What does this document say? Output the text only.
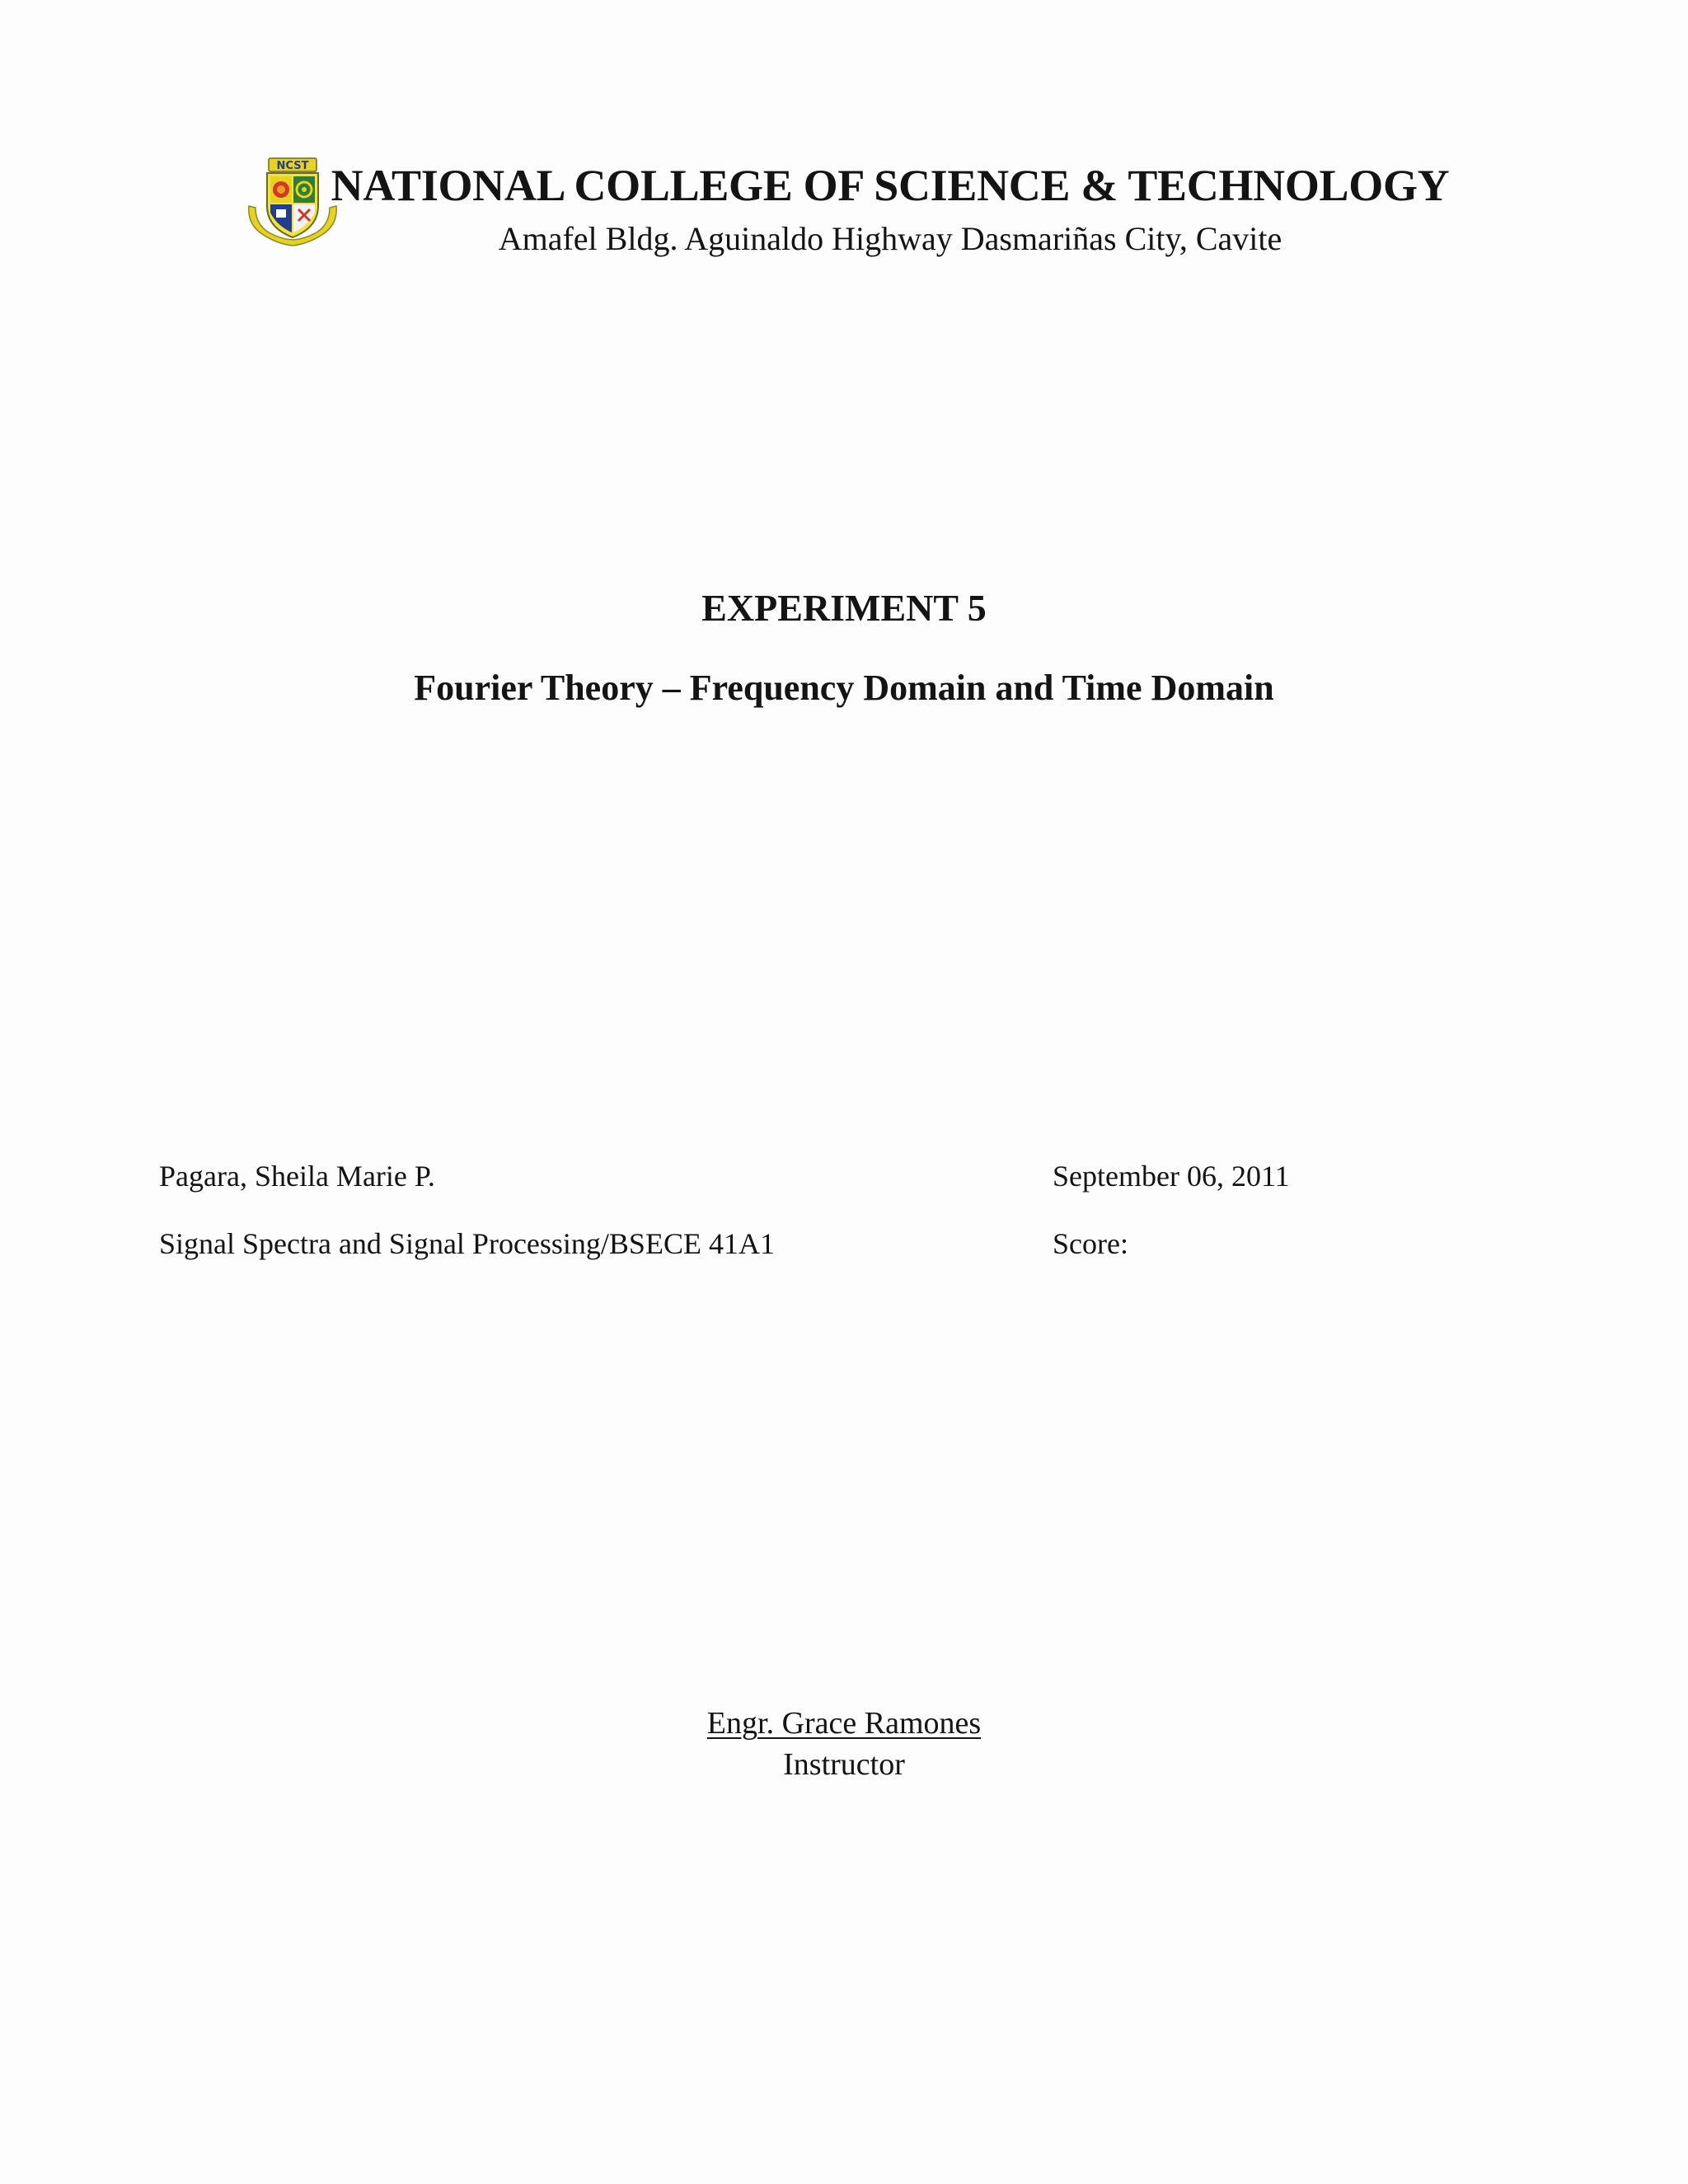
NCST NATIONAL COLLEGE OF SCIENCE & TECHNOLOGY
Amafel Bldg. Aguinaldo Highway Dasmariñas City, Cavite
EXPERIMENT 5
Fourier Theory – Frequency Domain and Time Domain
Pagara, Sheila Marie P.
Signal Spectra and Signal Processing/BSECE 41A1
September 06, 2011
Score:
Engr. Grace Ramones
Instructor
